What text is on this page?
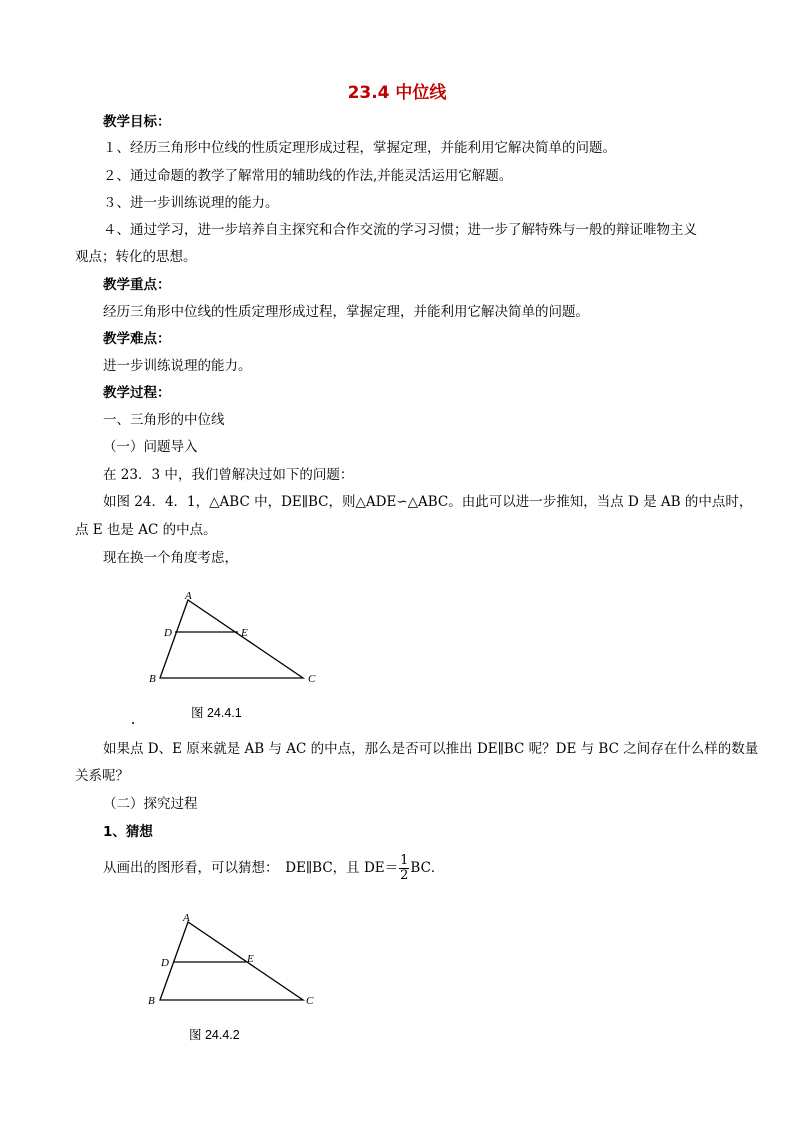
23.4 中位线
教学目标：
１、经历三角形中位线的性质定理形成过程，掌握定理，并能利用它解决简单的问题。
２、通过命题的教学了解常用的辅助线的作法,并能灵活运用它解题。
３、进一步训练说理的能力。
４、通过学习，进一步培养自主探究和合作交流的学习习惯；进一步了解特殊与一般的辩证唯物主义
观点；转化的思想。
教学重点：
经历三角形中位线的性质定理形成过程，掌握定理，并能利用它解决简单的问题。
教学难点：
进一步训练说理的能力。
教学过程：
一、三角形的中位线
（一）问题导入
在 23．3 中，我们曾解决过如下的问题：
如图 24．4．1，△ABC 中，DE∥BC，则△ADE∽△ABC。由此可以进一步推知，当点 D 是 AB 的中点时，
点 E 也是 AC 的中点。
现在换一个角度考虑，
A
D	E
B	C
图 24.4.1
如果点 D、E 原来就是 AB 与 AC 的中点，那么是否可以推出 DE∥BC 呢？DE 与 BC 之间存在什么样的数量
关系呢？
（二）探究过程
1、猜想
从画出的图形看，可以猜想：　DE∥BC，且 $DE= \frac{1}{2}$ BC．
A
D	E
B	C
图 24.4.2
